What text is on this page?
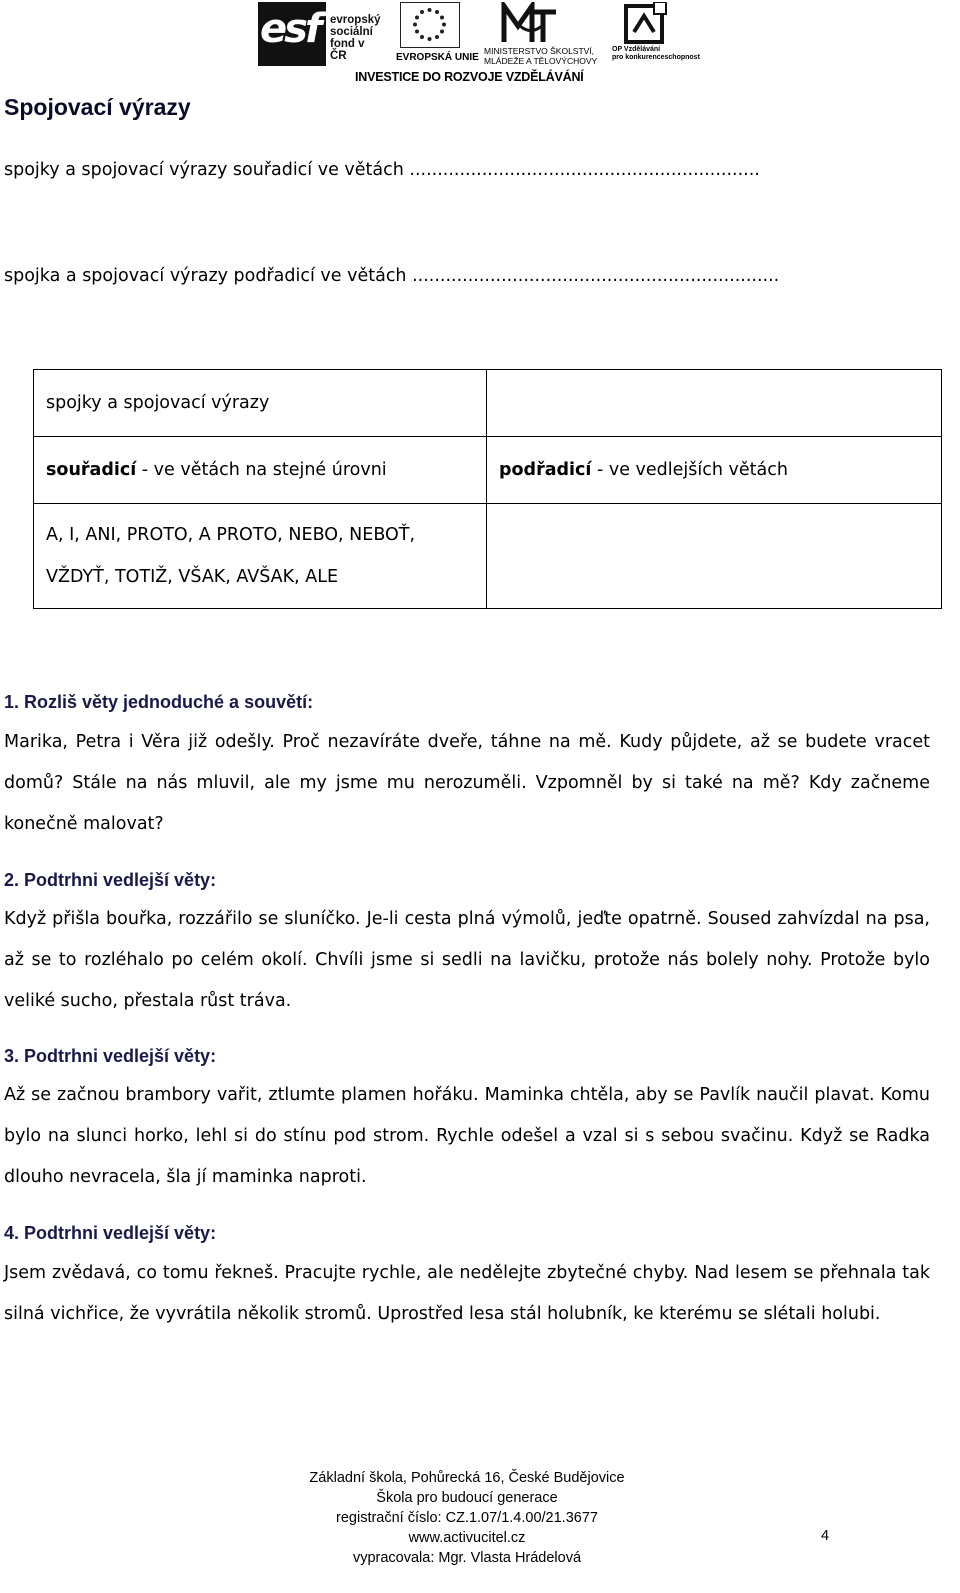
esf evropský
sociální
fond v ČR	EVROPSKÁ UNIE
MINISTERSTVO ŠKOLSTVÍ,
MLÁDEŽE A TĚLOVÝCHOVY
OP Vzdělávání
pro konkurenceschopnost
INVESTICE DO ROZVOJE VZDĚLÁVÁNÍ
Spojovací výrazy
spojky a spojovací výrazy souřadicí ve větách ...............................................................
spojka a spojovací výrazy podřadicí ve větách ..................................................................
spojky a spojovací výrazy	
souřadicí - ve větách na stejné úrovni	podřadicí - ve vedlejších větách

A, I, ANI, PROTO, A PROTO, NEBO, NEBOŤ,
VŽDYŤ, TOTIŽ, VŠAK, AVŠAK, ALE	

1. Rozliš věty jednoduché a souvětí:
Marika, Petra i Věra již odešly. Proč nezavíráte dveře, táhne na mě. Kudy půjdete, až se budete vracet domů? Stále na nás mluvil, ale my jsme mu nerozuměli. Vzpomněl by si také na mě? Kdy začneme konečně malovat?
2. Podtrhni vedlejší věty:
Když přišla bouřka, rozzářilo se sluníčko. Je-li cesta plná výmolů, jeďte opatrně. Soused zahvízdal na psa, až se to rozléhalo po celém okolí. Chvíli jsme si sedli na lavičku, protože nás bolely nohy. Protože bylo veliké sucho, přestala růst tráva.
3. Podtrhni vedlejší věty:
Až se začnou brambory vařit, ztlumte plamen hořáku. Maminka chtěla, aby se Pavlík naučil plavat. Komu bylo na slunci horko, lehl si do stínu pod strom. Rychle odešel a vzal si s sebou svačinu. Když se Radka dlouho nevracela, šla jí maminka naproti.
4. Podtrhni vedlejší věty:
Jsem zvědavá, co tomu řekneš. Pracujte rychle, ale nedělejte zbytečné chyby. Nad lesem se přehnala tak silná vichřice, že vyvrátila několik stromů. Uprostřed lesa stál holubník, ke kterému se slétali holubi.
Základní škola, Pohůrecká 16, České Budějovice
Škola pro budoucí generace
registrační číslo: CZ.1.07/1.4.00/21.3677
www.activucitel.cz
vypracovala: Mgr. Vlasta Hrádelová
4
